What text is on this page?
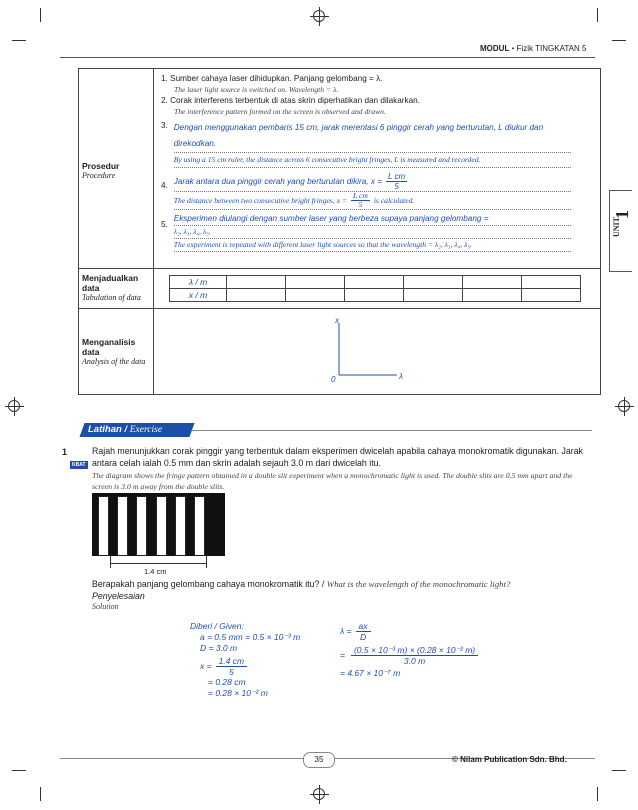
MODUL • Fizik TINGKATAN 5
UNIT
1
Prosedur
Procedure
1. Sumber cahaya laser dihidupkan. Panjang gelombang = λ.
The laser light source is switched on. Wavelength = λ.
2. Corak interferens terbentuk di atas skrin diperhatikan dan dilakarkan.
The interference pattern formed on the screen is observed and drawn.
3. Dengan menggunakan pembaris 15 cm, jarak merentasi 6 pinggir cerah yang berturutan, L diukur dan direkodkan.
By using a 15 cm ruler, the distance across 6 consecutive bright fringes, L is measured and recorded.
4. Jarak antara dua pinggir cerah yang berturutan dikira, $x = \frac{\text{L cm}}{5}$
The distance between two consecutive bright fringes, $x = \frac{\text{L cm}}{5}$ is calculated.
5.
Eksperimen diulangi dengan sumber laser yang berbeza supaya panjang gelombang =
λ₂, λ₃, λ₄, λ₅.
The experiment is repeated with different laser light sources so that the wavelength = λ₂, λ₃, λ₄, λ₅.
Menjadualkan data
Tabulation of data
λ / m						
x / m						
Menganalisis data
Analysis of the data
x
λ
0
Latihan / Exercise
1
KBAT
Rajah menunjukkan corak pinggir yang terbentuk dalam eksperimen dwicelah apabila cahaya monokromatik digunakan. Jarak antara celah ialah 0.5 mm dan skrin adalah sejauh 3.0 m dari dwicelah itu.
The diagram shows the fringe pattern obtained in a double slit experiment when a monochromatic light is used. The double slits are 0.5 mm apart and the screen is 3.0 m away from the double slits.
1.4 cm
Berapakah panjang gelombang cahaya monokromatik itu? / What is the wavelength of the monochromatic light?
Penyelesaian
Solution
Diberi / Given:
a = 0.5 mm = 0.5 × 10⁻³ m
D = 3.0 m
$x = \frac{1.4 cm}{5}$
= 0.28 cm
= 0.28 × 10⁻² m
$\lambda = \frac{ax}{D}$
= $\frac{\text{(0.5 × 10⁻³ m) × (0.28 × 10⁻² m)}}{3.0 m}$
= 4.67 × 10⁻⁷ m
35	© Nilam Publication Sdn. Bhd.
